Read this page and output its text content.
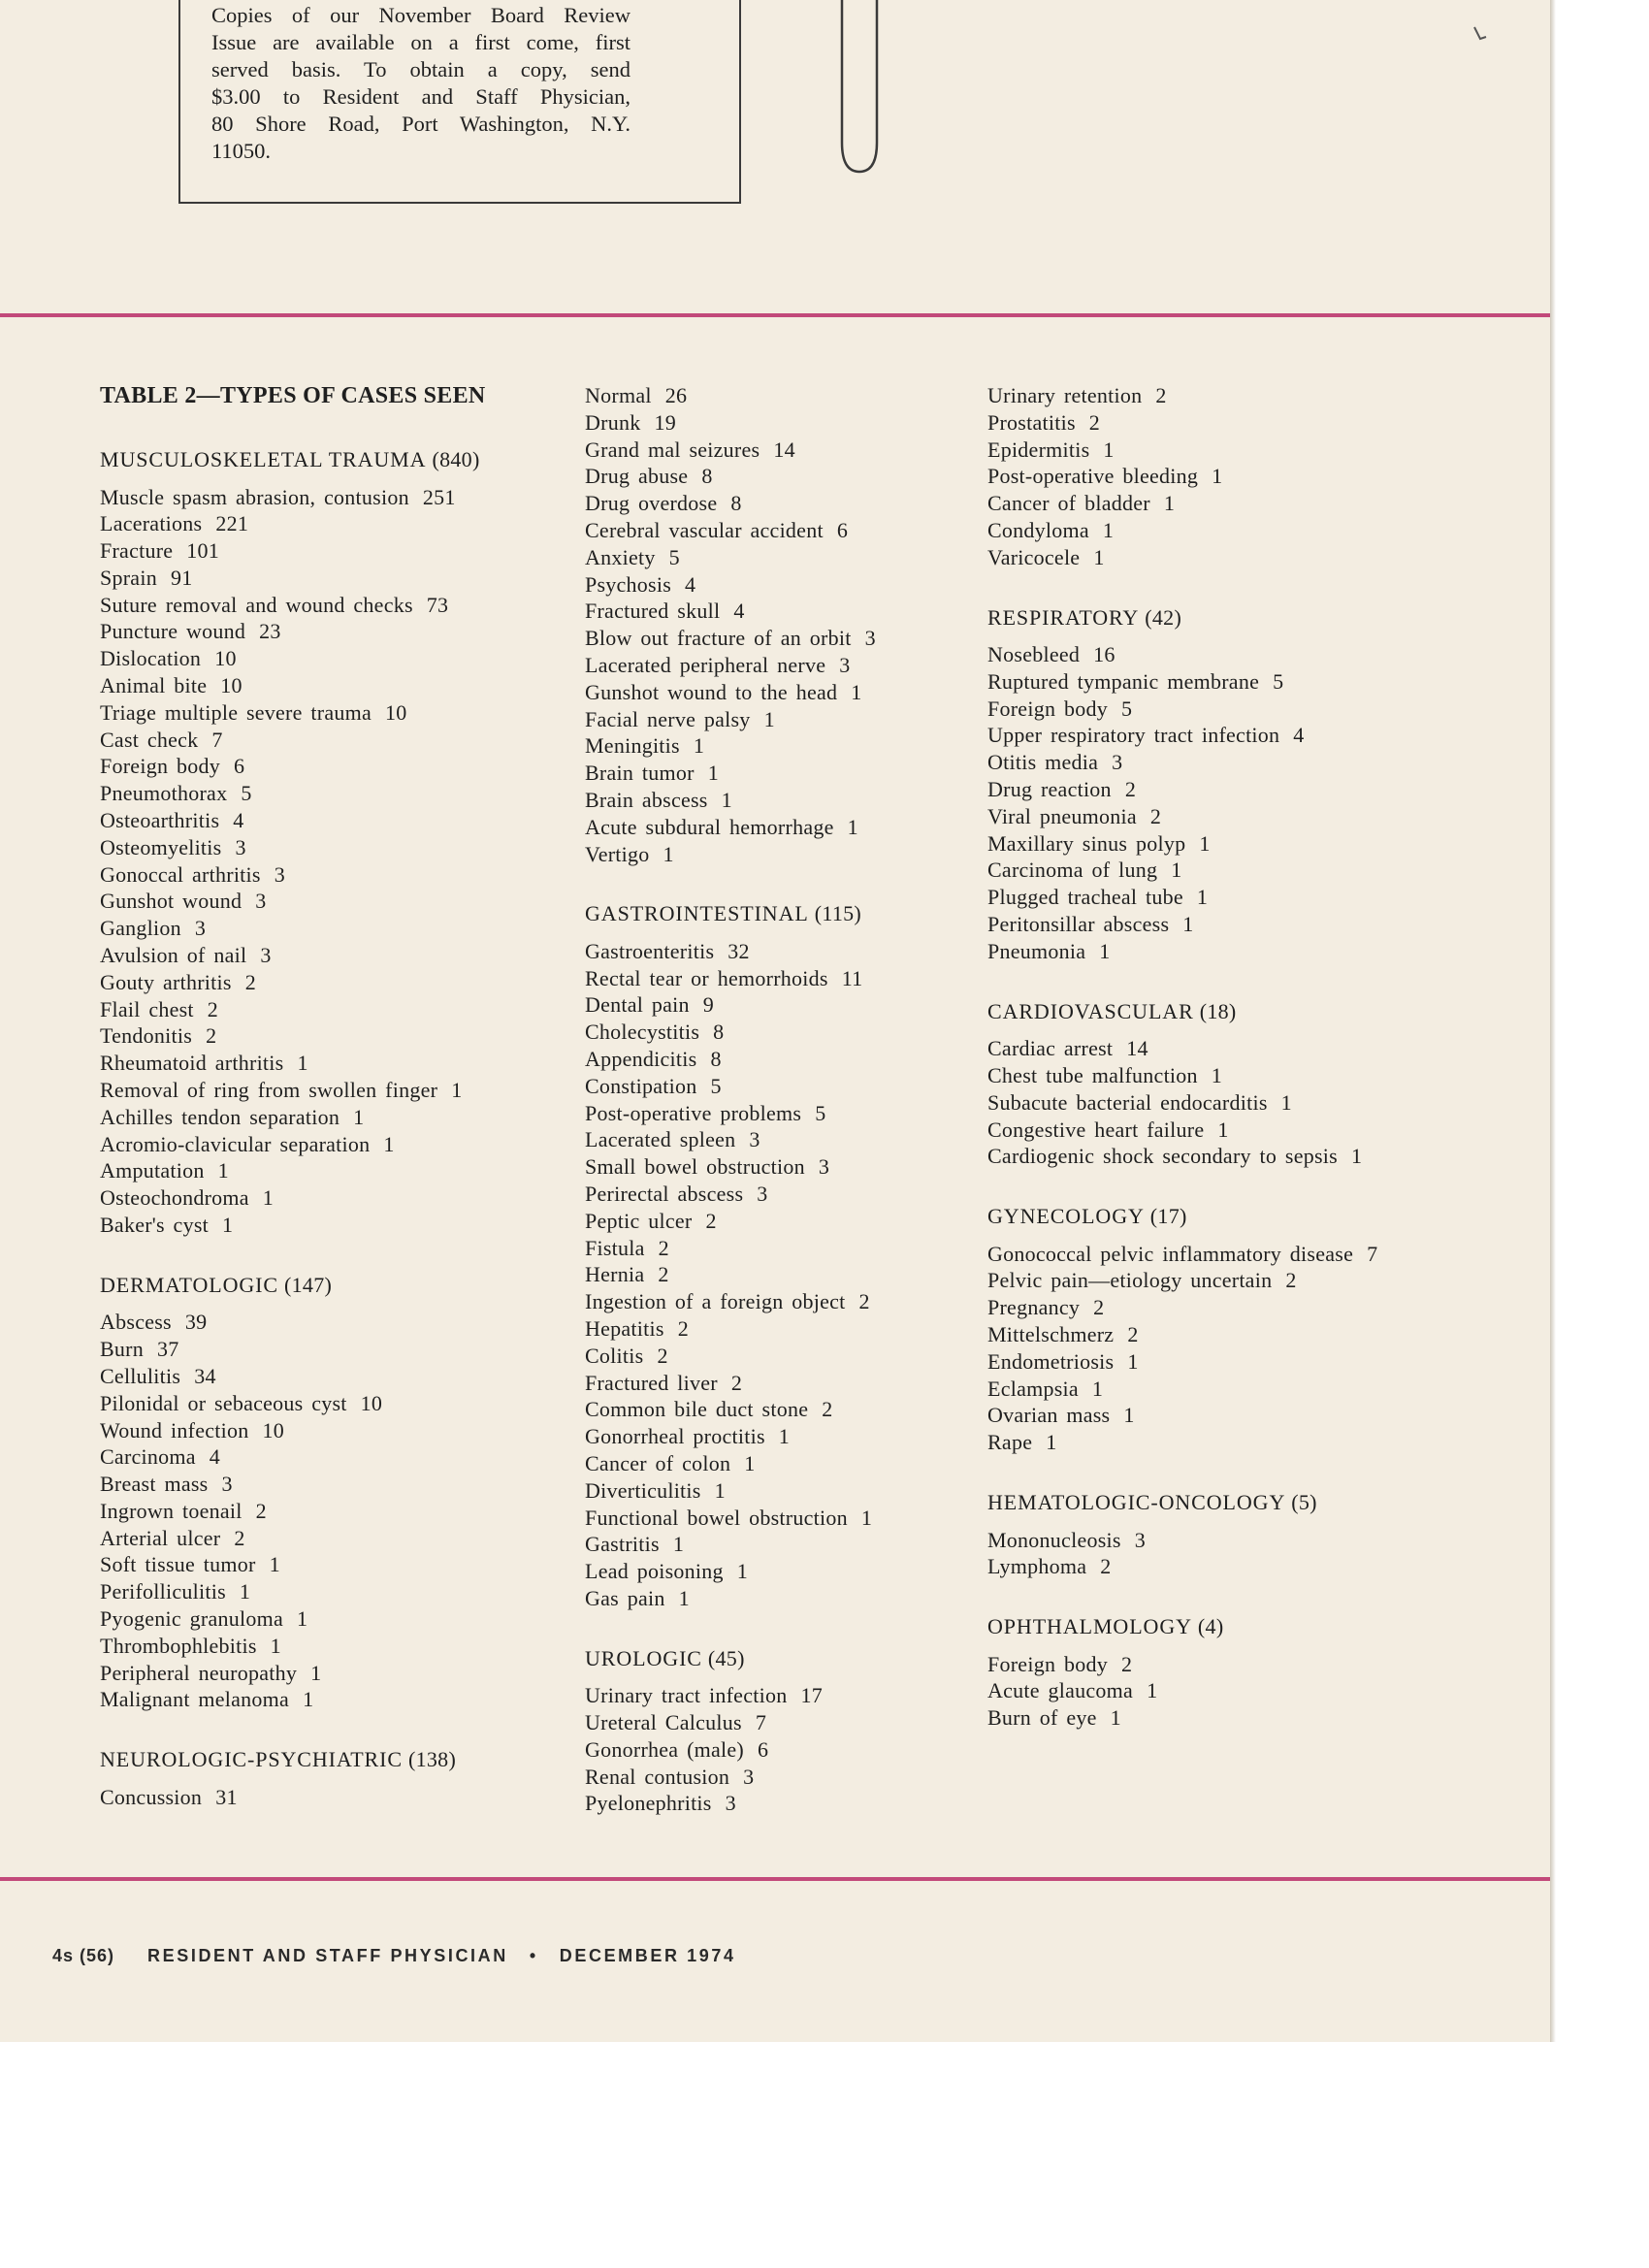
Copies of our November Board Review
Issue are available on a first come, first
served basis. To obtain a copy, send
$3.00 to Resident and Staff Physician,
80 Shore Road, Port Washington, N.Y.
11050.
TABLE 2—TYPES OF CASES SEEN
MUSCULOSKELETAL TRAUMA (840)
Muscle spasm abrasion, contusion 251
Lacerations 221
Fracture 101
Sprain 91
Suture removal and wound checks 73
Puncture wound 23
Dislocation 10
Animal bite 10
Triage multiple severe trauma 10
Cast check 7
Foreign body 6
Pneumothorax 5
Osteoarthritis 4
Osteomyelitis 3
Gonoccal arthritis 3
Gunshot wound 3
Ganglion 3
Avulsion of nail 3
Gouty arthritis 2
Flail chest 2
Tendonitis 2
Rheumatoid arthritis 1
Removal of ring from swollen finger 1
Achilles tendon separation 1
Acromio-clavicular separation 1
Amputation 1
Osteochondroma 1
Baker's cyst 1
DERMATOLOGIC (147)
Abscess 39
Burn 37
Cellulitis 34
Pilonidal or sebaceous cyst 10
Wound infection 10
Carcinoma 4
Breast mass 3
Ingrown toenail 2
Arterial ulcer 2
Soft tissue tumor 1
Perifolliculitis 1
Pyogenic granuloma 1
Thrombophlebitis 1
Peripheral neuropathy 1
Malignant melanoma 1
NEUROLOGIC-PSYCHIATRIC (138)
Concussion 31
Normal 26
Drunk 19
Grand mal seizures 14
Drug abuse 8
Drug overdose 8
Cerebral vascular accident 6
Anxiety 5
Psychosis 4
Fractured skull 4
Blow out fracture of an orbit 3
Lacerated peripheral nerve 3
Gunshot wound to the head 1
Facial nerve palsy 1
Meningitis 1
Brain tumor 1
Brain abscess 1
Acute subdural hemorrhage 1
Vertigo 1
GASTROINTESTINAL (115)
Gastroenteritis 32
Rectal tear or hemorrhoids 11
Dental pain 9
Cholecystitis 8
Appendicitis 8
Constipation 5
Post-operative problems 5
Lacerated spleen 3
Small bowel obstruction 3
Perirectal abscess 3
Peptic ulcer 2
Fistula 2
Hernia 2
Ingestion of a foreign object 2
Hepatitis 2
Colitis 2
Fractured liver 2
Common bile duct stone 2
Gonorrheal proctitis 1
Cancer of colon 1
Diverticulitis 1
Functional bowel obstruction 1
Gastritis 1
Lead poisoning 1
Gas pain 1
UROLOGIC (45)
Urinary tract infection 17
Ureteral Calculus 7
Gonorrhea (male) 6
Renal contusion 3
Pyelonephritis 3
Urinary retention 2
Prostatitis 2
Epidermitis 1
Post-operative bleeding 1
Cancer of bladder 1
Condyloma 1
Varicocele 1
RESPIRATORY (42)
Nosebleed 16
Ruptured tympanic membrane 5
Foreign body 5
Upper respiratory tract infection 4
Otitis media 3
Drug reaction 2
Viral pneumonia 2
Maxillary sinus polyp 1
Carcinoma of lung 1
Plugged tracheal tube 1
Peritonsillar abscess 1
Pneumonia 1
CARDIOVASCULAR (18)
Cardiac arrest 14
Chest tube malfunction 1
Subacute bacterial endocarditis 1
Congestive heart failure 1
Cardiogenic shock secondary to sepsis 1
GYNECOLOGY (17)
Gonococcal pelvic inflammatory disease 7
Pelvic pain—etiology uncertain 2
Pregnancy 2
Mittelschmerz 2
Endometriosis 1
Eclampsia 1
Ovarian mass 1
Rape 1
HEMATOLOGIC-ONCOLOGY (5)
Mononucleosis 3
Lymphoma 2
OPHTHALMOLOGY (4)
Foreign body 2
Acute glaucoma 1
Burn of eye 1
4s (56) RESIDENT AND STAFF PHYSICIAN • DECEMBER 1974
